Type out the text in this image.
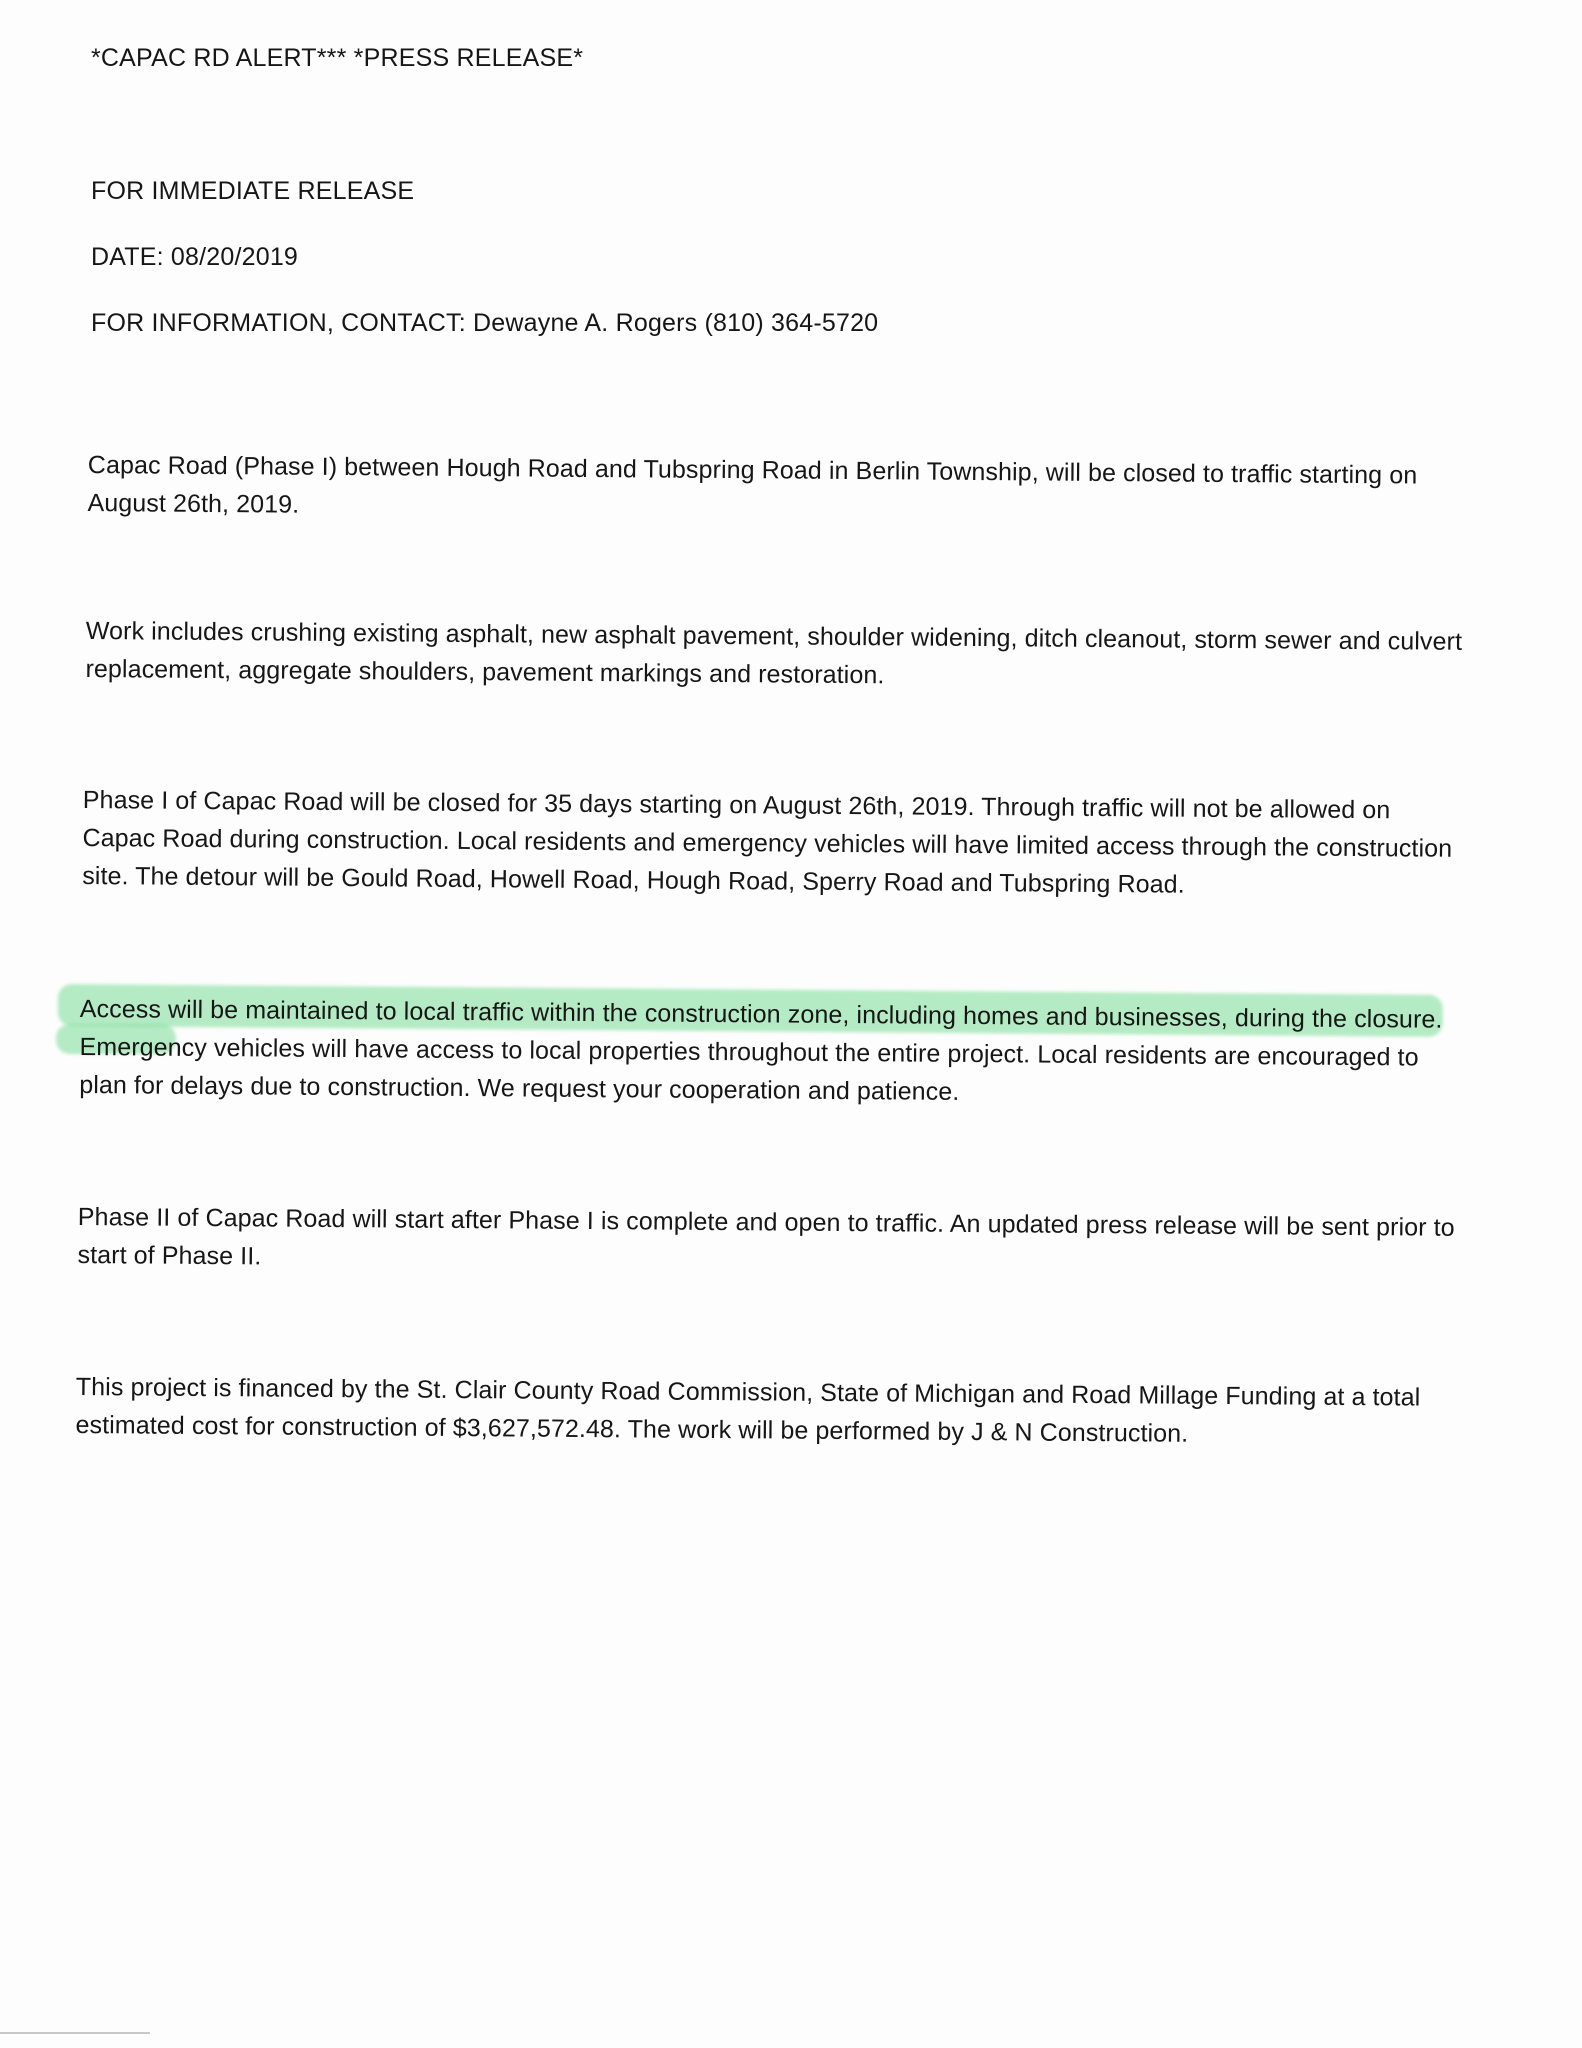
*CAPAC RD ALERT*** *PRESS RELEASE*
FOR IMMEDIATE RELEASE
DATE: 08/20/2019
FOR INFORMATION, CONTACT: Dewayne A. Rogers (810) 364-5720
Capac Road (Phase I) between Hough Road and Tubspring Road in Berlin Township, will be closed to traffic starting on August 26th, 2019.
Work includes crushing existing asphalt, new asphalt pavement, shoulder widening, ditch cleanout, storm sewer and culvert replacement, aggregate shoulders, pavement markings and restoration.
Phase I of Capac Road will be closed for 35 days starting on August 26th, 2019. Through traffic will not be allowed on Capac Road during construction. Local residents and emergency vehicles will have limited access through the construction site. The detour will be Gould Road, Howell Road, Hough Road, Sperry Road and Tubspring Road.
Access will be maintained to local traffic within the construction zone, including homes and businesses, during the closure. Emergency vehicles will have access to local properties throughout the entire project. Local residents are encouraged to plan for delays due to construction. We request your cooperation and patience.
Phase II of Capac Road will start after Phase I is complete and open to traffic. An updated press release will be sent prior to start of Phase II.
This project is financed by the St. Clair County Road Commission, State of Michigan and Road Millage Funding at a total estimated cost for construction of $3,627,572.48. The work will be performed by J & N Construction.
